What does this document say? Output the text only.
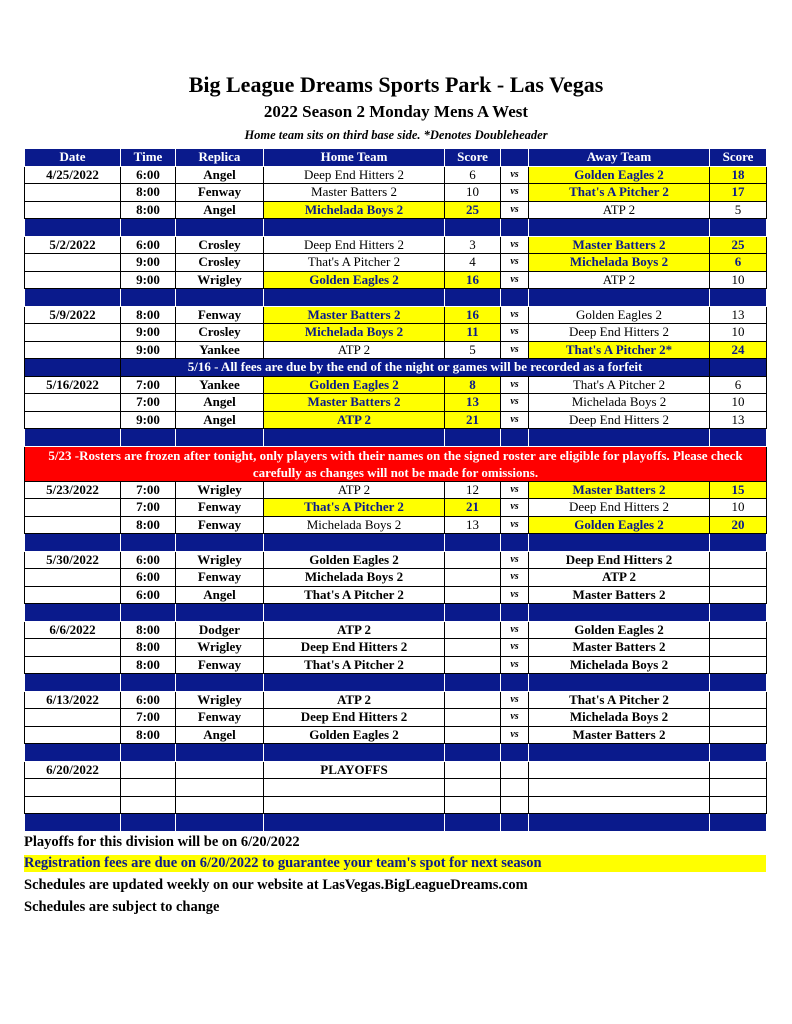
Big League Dreams Sports Park - Las Vegas
2022 Season 2 Monday Mens A West
Home team sits on third base side. *Denotes Doubleheader
Date	Time	Replica	Home Team	Score		Away Team	Score
4/25/2022	6:00	Angel	Deep End Hitters 2	6	vs	Golden Eagles 2	18
	8:00	Fenway	Master Batters 2	10	vs	That's A Pitcher 2	17
	8:00	Angel	Michelada Boys 2	25	vs	ATP 2	5

5/2/2022	6:00	Crosley	Deep End Hitters 2	3	vs	Master Batters 2	25
	9:00	Crosley	That's A Pitcher 2	4	vs	Michelada Boys 2	6
	9:00	Wrigley	Golden Eagles 2	16	vs	ATP 2	10

5/9/2022	8:00	Fenway	Master Batters 2	16	vs	Golden Eagles 2	13
	9:00	Crosley	Michelada Boys 2	11	vs	Deep End Hitters 2	10
	9:00	Yankee	ATP 2	5	vs	That's A Pitcher 2*	24
	5/16 - All fees are due by the end of the night or games will be recorded as a forfeit						
5/16/2022	7:00	Yankee	Golden Eagles 2	8	vs	That's A Pitcher 2	6
	7:00	Angel	Master Batters 2	13	vs	Michelada Boys 2	10
	9:00	Angel	ATP 2	21	vs	Deep End Hitters 2	13

5/23 -Rosters are frozen after tonight, only players with their names on the signed roster are eligible for playoffs. Please check carefully as changes will not be made for omissions.							
5/23/2022	7:00	Wrigley	ATP 2	12	vs	Master Batters 2	15
	7:00	Fenway	That's A Pitcher 2	21	vs	Deep End Hitters 2	10
	8:00	Fenway	Michelada Boys 2	13	vs	Golden Eagles 2	20

5/30/2022	6:00	Wrigley	Golden Eagles 2		vs	Deep End Hitters 2	
	6:00	Fenway	Michelada Boys 2		vs	ATP 2	
	6:00	Angel	That's A Pitcher 2		vs	Master Batters 2	

6/6/2022	8:00	Dodger	ATP 2		vs	Golden Eagles 2	
	8:00	Wrigley	Deep End Hitters 2		vs	Master Batters 2	
	8:00	Fenway	That's A Pitcher 2		vs	Michelada Boys 2	

6/13/2022	6:00	Wrigley	ATP 2		vs	That's A Pitcher 2	
	7:00	Fenway	Deep End Hitters 2		vs	Michelada Boys 2	
	8:00	Angel	Golden Eagles 2		vs	Master Batters 2	

6/20/2022			PLAYOFFS				

Playoffs for this division will be on 6/20/2022
Registration fees are due on 6/20/2022 to guarantee your team's spot for next season
Schedules are updated weekly on our website at LasVegas.BigLeagueDreams.com
Schedules are subject to change
